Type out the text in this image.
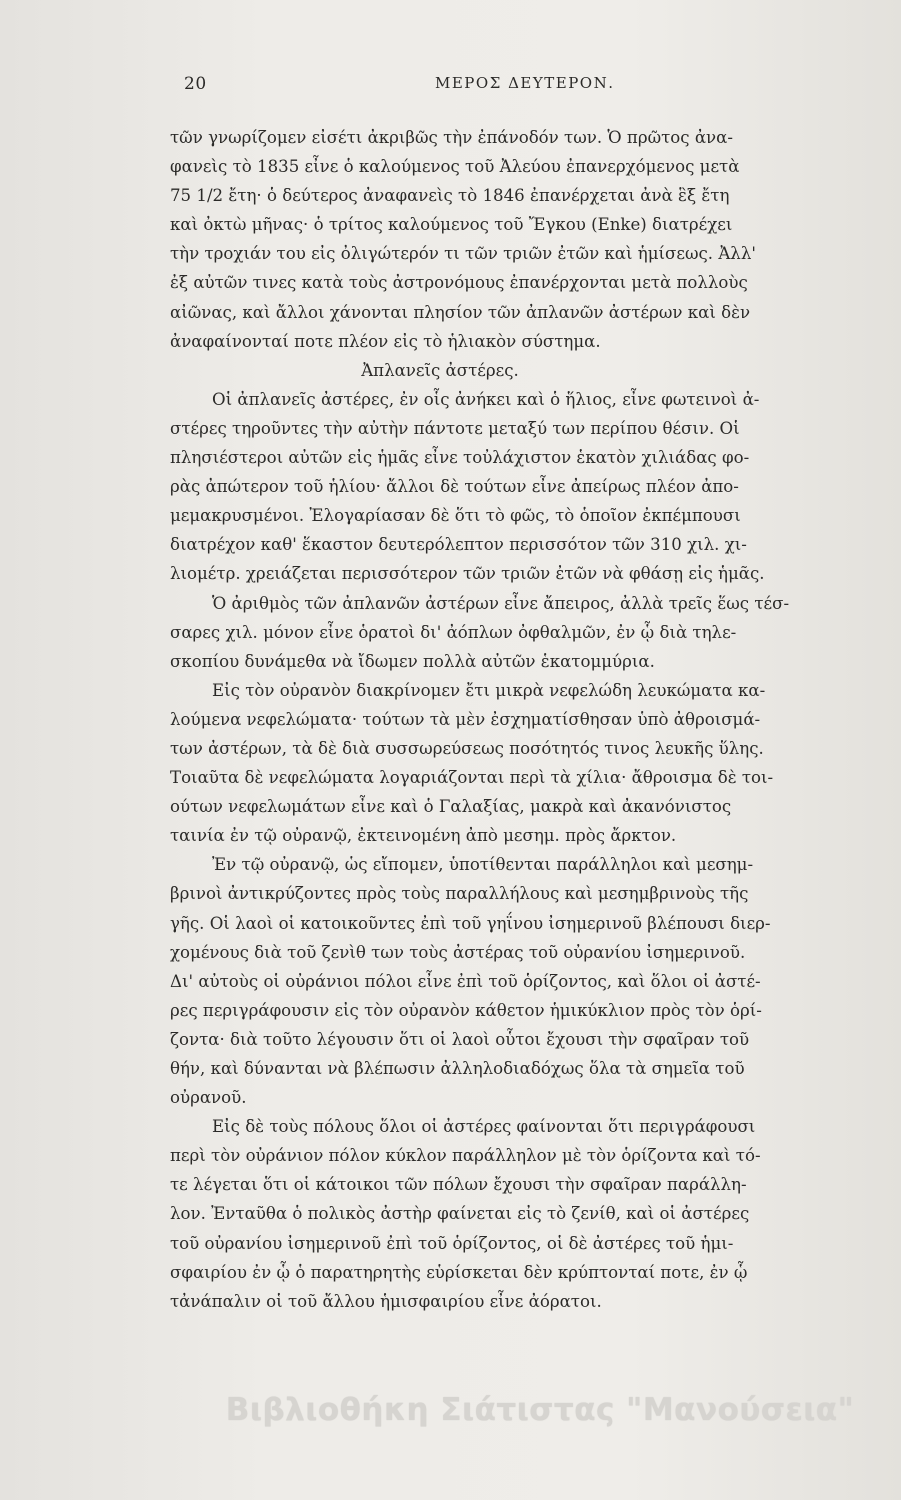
20	ΜΕΡΟΣ ΔΕΥΤΕΡΟΝ.
τῶν γνωρίζομεν εἰσέτι ἀκριβῶς τὴν ἐπάνοδόν των. Ὁ πρῶτος ἀνα-
φανεὶς τὸ 1835 εἶνε ὁ καλούμενος τοῦ Ἀλεύου ἐπανερχόμενος μετὰ
75 1/2 ἔτη· ὁ δεύτερος ἀναφανεὶς τὸ 1846 ἐπανέρχεται ἀνὰ ἓξ ἔτη
καὶ ὀκτὼ μῆνας· ὁ τρίτος καλούμενος τοῦ Ἔγκου (Enke) διατρέχει
τὴν τροχιάν του εἰς ὀλιγώτερόν τι τῶν τριῶν ἐτῶν καὶ ἡμίσεως. Ἀλλ'
ἐξ αὐτῶν τινες κατὰ τοὺς ἀστρονόμους ἐπανέρχονται μετὰ πολλοὺς
αἰῶνας, καὶ ἄλλοι χάνονται πλησίον τῶν ἀπλανῶν ἀστέρων καὶ δὲν
ἀναφαίνονταί ποτε πλέον εἰς τὸ ἡλιακὸν σύστημα.
Ἀπλανεῖς ἀστέρες.
Οἱ ἀπλανεῖς ἀστέρες, ἐν οἷς ἀνήκει καὶ ὁ ἥλιος, εἶνε φωτεινοὶ ἀ-
στέρες τηροῦντες τὴν αὐτὴν πάντοτε μεταξύ των περίπου θέσιν. Οἱ
πλησιέστεροι αὐτῶν εἰς ἡμᾶς εἶνε τοὐλάχιστον ἑκατὸν χιλιάδας φο-
ρὰς ἀπώτερον τοῦ ἡλίου· ἄλλοι δὲ τούτων εἶνε ἀπείρως πλέον ἀπο-
μεμακρυσμένοι. Ἐλογαρίασαν δὲ ὅτι τὸ φῶς, τὸ ὁποῖον ἐκπέμπουσι
διατρέχον καθ' ἕκαστον δευτερόλεπτον περισσότον τῶν 310 χιλ. χι-
λιομέτρ. χρειάζεται περισσότερον τῶν τριῶν ἐτῶν νὰ φθάσῃ εἰς ἡμᾶς.
Ὁ ἀριθμὸς τῶν ἀπλανῶν ἀστέρων εἶνε ἄπειρος, ἀλλὰ τρεῖς ἕως τέσ-
σαρες χιλ. μόνον εἶνε ὁρατοὶ δι' ἀόπλων ὀφθαλμῶν, ἐν ᾧ διὰ τηλε-
σκοπίου δυνάμεθα νὰ ἴδωμεν πολλὰ αὐτῶν ἑκατομμύρια.
Εἰς τὸν οὐρανὸν διακρίνομεν ἔτι μικρὰ νεφελώδη λευκώματα κα-
λούμενα νεφελώματα· τούτων τὰ μὲν ἐσχηματίσθησαν ὑπὸ ἀθροισμά-
των ἀστέρων, τὰ δὲ διὰ συσσωρεύσεως ποσότητός τινος λευκῆς ὕλης.
Τοιαῦτα δὲ νεφελώματα λογαριάζονται περὶ τὰ χίλια· ἄθροισμα δὲ τοι-
ούτων νεφελωμάτων εἶνε καὶ ὁ Γαλαξίας, μακρὰ καὶ ἀκανόνιστος
ταινία ἐν τῷ οὐρανῷ, ἐκτεινομένη ἀπὸ μεσημ. πρὸς ἄρκτον.
Ἐν τῷ οὐρανῷ, ὡς εἴπομεν, ὑποτίθενται παράλληλοι καὶ μεσημ-
βρινοὶ ἀντικρύζοντες πρὸς τοὺς παραλλήλους καὶ μεσημβρινοὺς τῆς
γῆς. Οἱ λαοὶ οἱ κατοικοῦντες ἐπὶ τοῦ γηΐνου ἰσημερινοῦ βλέπουσι διερ-
χομένους διὰ τοῦ ζενὶθ των τοὺς ἀστέρας τοῦ οὐρανίου ἰσημερινοῦ.
Δι' αὐτοὺς οἱ οὐράνιοι πόλοι εἶνε ἐπὶ τοῦ ὁρίζοντος, καὶ ὅλοι οἱ ἀστέ-
ρες περιγράφουσιν εἰς τὸν οὐρανὸν κάθετον ἡμικύκλιον πρὸς τὸν ὁρί-
ζοντα· διὰ τοῦτο λέγουσιν ὅτι οἱ λαοὶ οὗτοι ἔχουσι τὴν σφαῖραν τοῦ
θήν, καὶ δύνανται νὰ βλέπωσιν ἀλληλοδιαδόχως ὅλα τὰ σημεῖα τοῦ
οὐρανοῦ.
Εἰς δὲ τοὺς πόλους ὅλοι οἱ ἀστέρες φαίνονται ὅτι περιγράφουσι
περὶ τὸν οὐράνιον πόλον κύκλον παράλληλον μὲ τὸν ὁρίζοντα καὶ τό-
τε λέγεται ὅτι οἱ κάτοικοι τῶν πόλων ἔχουσι τὴν σφαῖραν παράλλη-
λον. Ἐνταῦθα ὁ πολικὸς ἀστὴρ φαίνεται εἰς τὸ ζενίθ, καὶ οἱ ἀστέρες
τοῦ οὐρανίου ἰσημερινοῦ ἐπὶ τοῦ ὁρίζοντος, οἱ δὲ ἀστέρες τοῦ ἡμι-
σφαιρίου ἐν ᾧ ὁ παρατηρητὴς εὑρίσκεται δὲν κρύπτονταί ποτε, ἐν ᾧ
τἀνάπαλιν οἱ τοῦ ἄλλου ἡμισφαιρίου εἶνε ἀόρατοι.
Βιβλιοθήκη Σιάτιστας "Μανούσεια"
